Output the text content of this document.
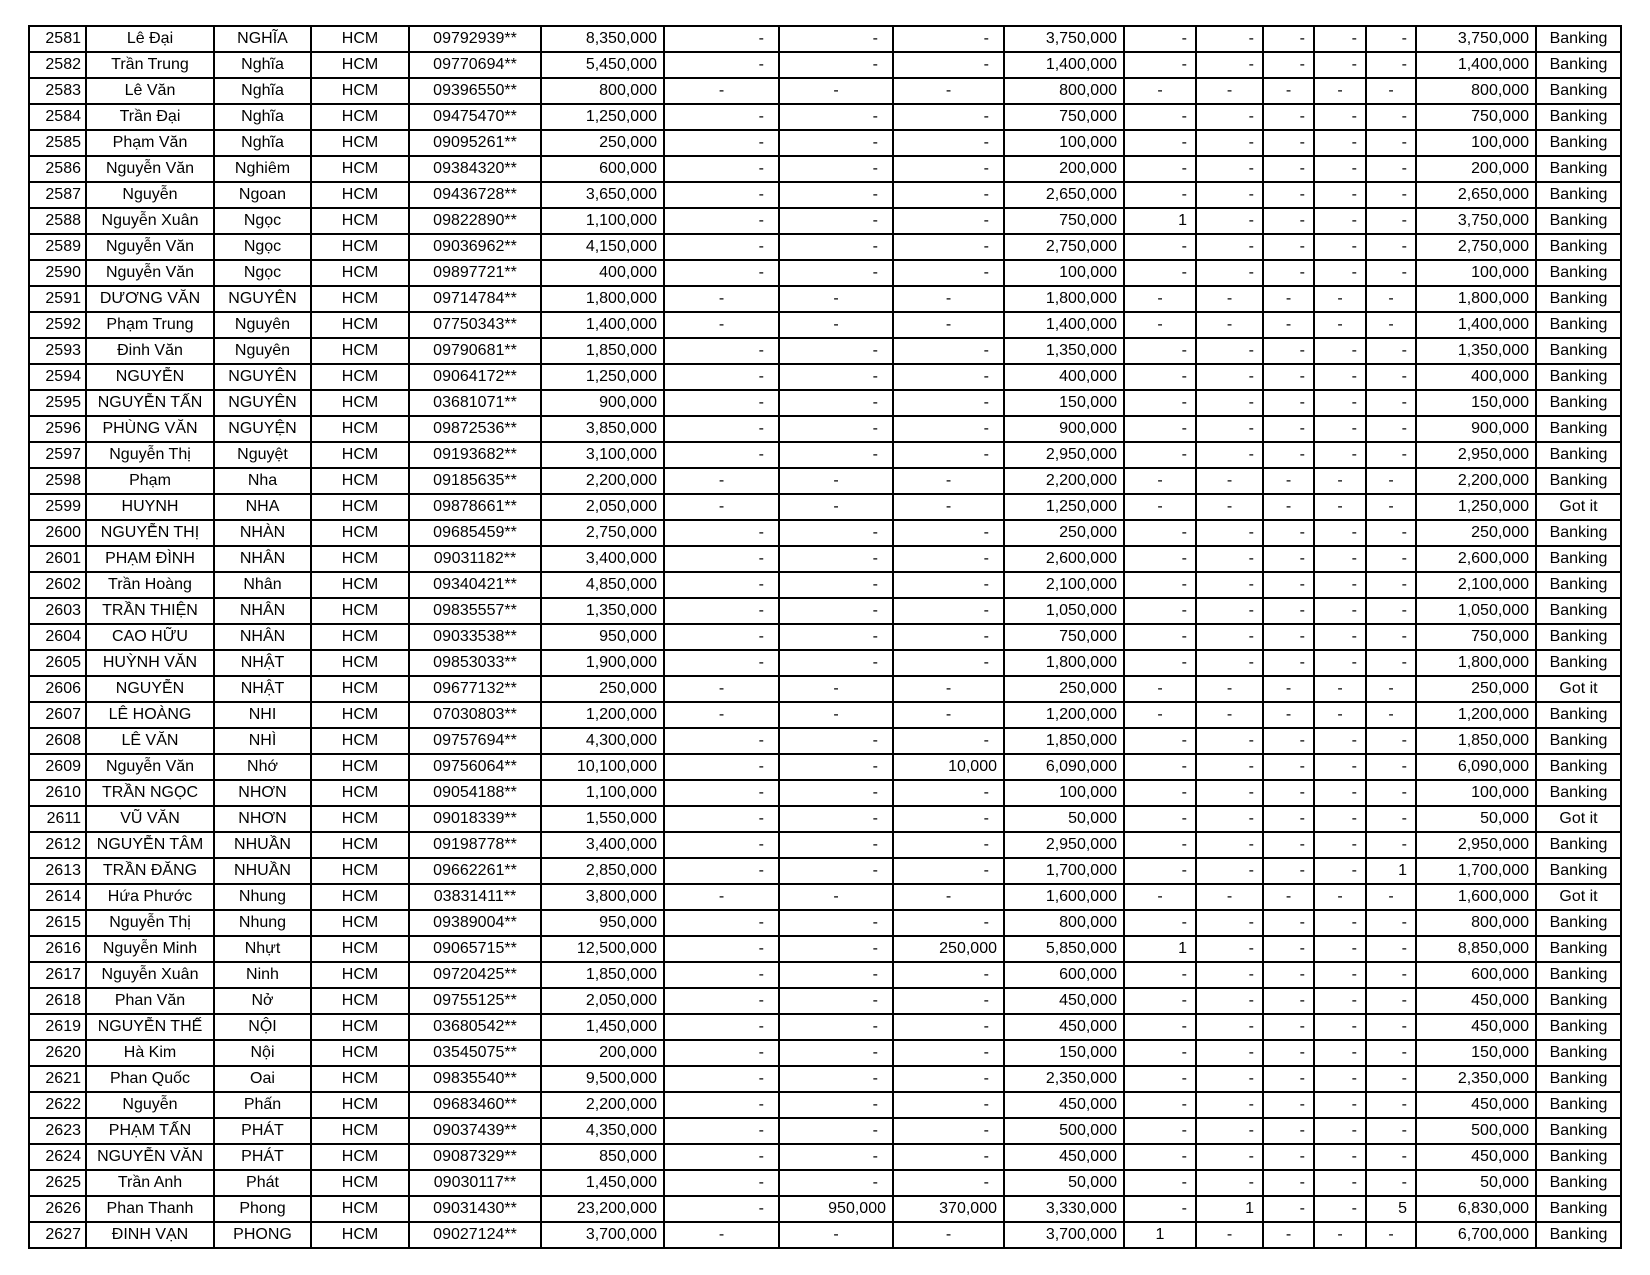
2581	Lê Đại	NGHĨA	HCM	09792939**	8,350,000	-	-	-	3,750,000	-	-	-	-	-	3,750,000	Banking
2582	Trần Trung	Nghĩa	HCM	09770694**	5,450,000	-	-	-	1,400,000	-	-	-	-	-	1,400,000	Banking
2583	Lê Văn	Nghĩa	HCM	09396550**	800,000	-	-	-	800,000	-	-	-	-	-	800,000	Banking
2584	Trần Đại	Nghĩa	HCM	09475470**	1,250,000	-	-	-	750,000	-	-	-	-	-	750,000	Banking
2585	Phạm Văn	Nghĩa	HCM	09095261**	250,000	-	-	-	100,000	-	-	-	-	-	100,000	Banking
2586	Nguyễn Văn	Nghiêm	HCM	09384320**	600,000	-	-	-	200,000	-	-	-	-	-	200,000	Banking
2587	Nguyễn	Ngoan	HCM	09436728**	3,650,000	-	-	-	2,650,000	-	-	-	-	-	2,650,000	Banking
2588	Nguyễn Xuân	Ngọc	HCM	09822890**	1,100,000	-	-	-	750,000	1	-	-	-	-	3,750,000	Banking
2589	Nguyễn Văn	Ngọc	HCM	09036962**	4,150,000	-	-	-	2,750,000	-	-	-	-	-	2,750,000	Banking
2590	Nguyễn Văn	Ngọc	HCM	09897721**	400,000	-	-	-	100,000	-	-	-	-	-	100,000	Banking
2591	DƯƠNG VĂN	NGUYÊN	HCM	09714784**	1,800,000	-	-	-	1,800,000	-	-	-	-	-	1,800,000	Banking
2592	Phạm Trung	Nguyên	HCM	07750343**	1,400,000	-	-	-	1,400,000	-	-	-	-	-	1,400,000	Banking
2593	Đinh Văn	Nguyên	HCM	09790681**	1,850,000	-	-	-	1,350,000	-	-	-	-	-	1,350,000	Banking
2594	NGUYỄN	NGUYÊN	HCM	09064172**	1,250,000	-	-	-	400,000	-	-	-	-	-	400,000	Banking
2595	NGUYỄN TẤN	NGUYÊN	HCM	03681071**	900,000	-	-	-	150,000	-	-	-	-	-	150,000	Banking
2596	PHÙNG VĂN	NGUYỆN	HCM	09872536**	3,850,000	-	-	-	900,000	-	-	-	-	-	900,000	Banking
2597	Nguyễn Thị	Nguyệt	HCM	09193682**	3,100,000	-	-	-	2,950,000	-	-	-	-	-	2,950,000	Banking
2598	Phạm	Nha	HCM	09185635**	2,200,000	-	-	-	2,200,000	-	-	-	-	-	2,200,000	Banking
2599	HUYNH	NHA	HCM	09878661**	2,050,000	-	-	-	1,250,000	-	-	-	-	-	1,250,000	Got it
2600	NGUYỄN THỊ	NHÀN	HCM	09685459**	2,750,000	-	-	-	250,000	-	-	-	-	-	250,000	Banking
2601	PHẠM ĐÌNH	NHÂN	HCM	09031182**	3,400,000	-	-	-	2,600,000	-	-	-	-	-	2,600,000	Banking
2602	Trần Hoàng	Nhân	HCM	09340421**	4,850,000	-	-	-	2,100,000	-	-	-	-	-	2,100,000	Banking
2603	TRẦN THIỆN	NHÂN	HCM	09835557**	1,350,000	-	-	-	1,050,000	-	-	-	-	-	1,050,000	Banking
2604	CAO HỮU	NHÂN	HCM	09033538**	950,000	-	-	-	750,000	-	-	-	-	-	750,000	Banking
2605	HUỲNH VĂN	NHẬT	HCM	09853033**	1,900,000	-	-	-	1,800,000	-	-	-	-	-	1,800,000	Banking
2606	NGUYỄN	NHẬT	HCM	09677132**	250,000	-	-	-	250,000	-	-	-	-	-	250,000	Got it
2607	LÊ HOÀNG	NHI	HCM	07030803**	1,200,000	-	-	-	1,200,000	-	-	-	-	-	1,200,000	Banking
2608	LÊ VĂN	NHÌ	HCM	09757694**	4,300,000	-	-	-	1,850,000	-	-	-	-	-	1,850,000	Banking
2609	Nguyễn Văn	Nhớ	HCM	09756064**	10,100,000	-	-	10,000	6,090,000	-	-	-	-	-	6,090,000	Banking
2610	TRẦN NGỌC	NHƠN	HCM	09054188**	1,100,000	-	-	-	100,000	-	-	-	-	-	100,000	Banking
2611	VŨ VĂN	NHƠN	HCM	09018339**	1,550,000	-	-	-	50,000	-	-	-	-	-	50,000	Got it
2612	NGUYỄN TÂM	NHUẦN	HCM	09198778**	3,400,000	-	-	-	2,950,000	-	-	-	-	-	2,950,000	Banking
2613	TRẦN ĐĂNG	NHUẦN	HCM	09662261**	2,850,000	-	-	-	1,700,000	-	-	-	-	1	1,700,000	Banking
2614	Hứa Phước	Nhung	HCM	03831411**	3,800,000	-	-	-	1,600,000	-	-	-	-	-	1,600,000	Got it
2615	Nguyễn Thị	Nhung	HCM	09389004**	950,000	-	-	-	800,000	-	-	-	-	-	800,000	Banking
2616	Nguyễn Minh	Nhựt	HCM	09065715**	12,500,000	-	-	250,000	5,850,000	1	-	-	-	-	8,850,000	Banking
2617	Nguyễn Xuân	Ninh	HCM	09720425**	1,850,000	-	-	-	600,000	-	-	-	-	-	600,000	Banking
2618	Phan Văn	Nở	HCM	09755125**	2,050,000	-	-	-	450,000	-	-	-	-	-	450,000	Banking
2619	NGUYỄN THẾ	NỘI	HCM	03680542**	1,450,000	-	-	-	450,000	-	-	-	-	-	450,000	Banking
2620	Hà Kim	Nội	HCM	03545075**	200,000	-	-	-	150,000	-	-	-	-	-	150,000	Banking
2621	Phan Quốc	Oai	HCM	09835540**	9,500,000	-	-	-	2,350,000	-	-	-	-	-	2,350,000	Banking
2622	Nguyễn	Phấn	HCM	09683460**	2,200,000	-	-	-	450,000	-	-	-	-	-	450,000	Banking
2623	PHẠM TẤN	PHÁT	HCM	09037439**	4,350,000	-	-	-	500,000	-	-	-	-	-	500,000	Banking
2624	NGUYỄN VĂN	PHÁT	HCM	09087329**	850,000	-	-	-	450,000	-	-	-	-	-	450,000	Banking
2625	Trần Anh	Phát	HCM	09030117**	1,450,000	-	-	-	50,000	-	-	-	-	-	50,000	Banking
2626	Phan Thanh	Phong	HCM	09031430**	23,200,000	-	950,000	370,000	3,330,000	-	1	-	-	5	6,830,000	Banking
2627	ĐINH VẠN	PHONG	HCM	09027124**	3,700,000	-	-	-	3,700,000	1	-	-	-	-	6,700,000	Banking
